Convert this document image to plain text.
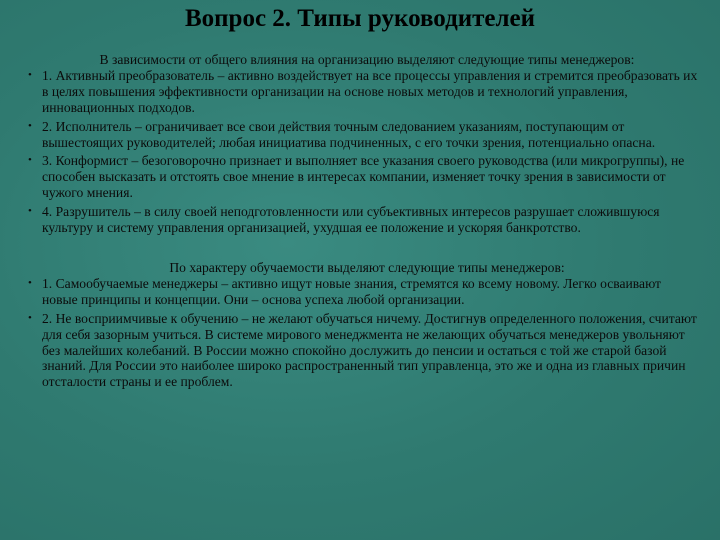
Вопрос 2. Типы руководителей

В зависимости от общего влияния на организацию выделяют следующие типы менеджеров:

• 1. Активный преобразователь – активно воздействует на все процессы управления и стремится преобразовать их в целях повышения эффективности организации на основе новых методов и технологий управления, инновационных подходов.
• 2. Исполнитель – ограничивает все свои действия точным следованием указаниям, поступающим от вышестоящих руководителей; любая инициатива подчиненных, с его точки зрения, потенциально опасна.
• 3. Конформист – безоговорочно признает и выполняет все указания своего руководства (или микрогруппы), не способен высказать и отстоять свое мнение в интересах компании, изменяет точку зрения в зависимости от чужого мнения.
• 4. Разрушитель – в силу своей неподготовленности или субъективных интересов разрушает сложившуюся культуру и систему управления организацией, ухудшая ее положение и ускоряя банкротство.

По характеру обучаемости выделяют следующие типы менеджеров:

• 1. Самообучаемые менеджеры – активно ищут новые знания, стремятся ко всему новому. Легко осваивают новые принципы и концепции. Они – основа успеха любой организации.
• 2. Не восприимчивые к обучению – не желают обучаться ничему. Достигнув определенного положения, считают для себя зазорным учиться. В системе мирового менеджмента не желающих обучаться менеджеров увольняют без малейших колебаний. В России можно спокойно дослужить до пенсии и остаться с той же старой базой знаний. Для России это наиболее широко распространенный тип управленца, это же и одна из главных причин отсталости страны и ее проблем.
